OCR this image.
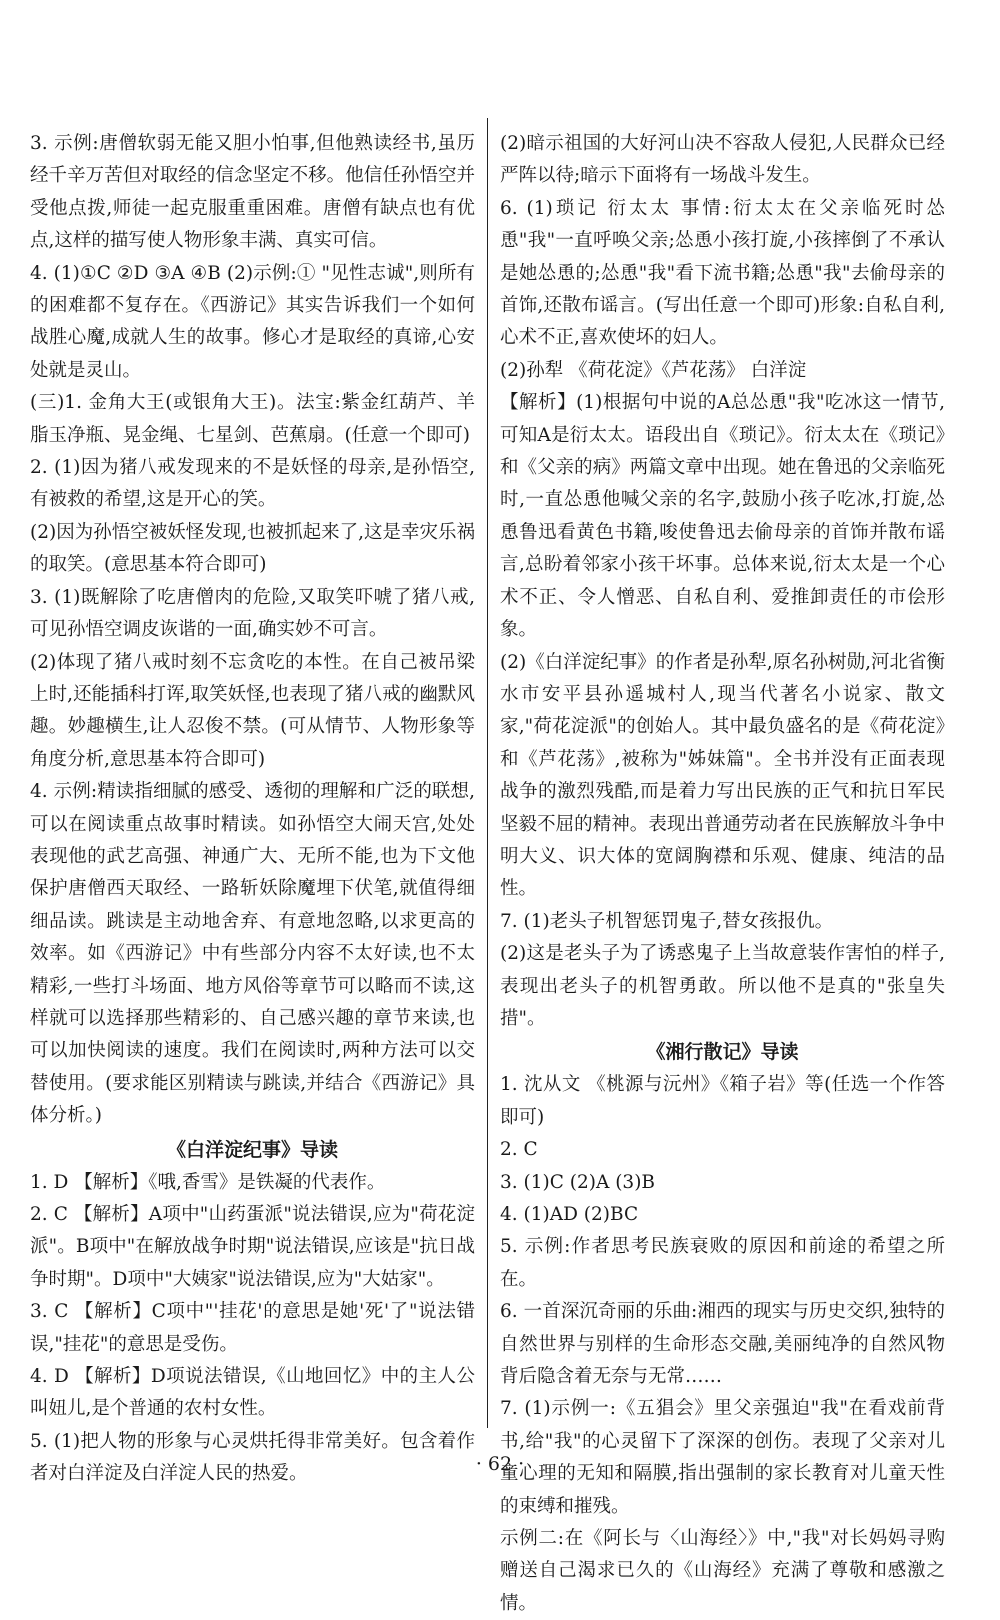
3. 示例:唐僧软弱无能又胆小怕事,但他熟读经书,虽历经千辛万苦但对取经的信念坚定不移。他信任孙悟空并受他点拨,师徒一起克服重重困难。唐僧有缺点也有优点,这样的描写使人物形象丰满、真实可信。

4. (1)①C ②D ③A ④B (2)示例:① "见性志诚",则所有的困难都不复存在。《西游记》其实告诉我们一个如何战胜心魔,成就人生的故事。修心才是取经的真谛,心安处就是灵山。

(三)1. 金角大王(或银角大王)。法宝:紫金红葫芦、羊脂玉净瓶、晃金绳、七星剑、芭蕉扇。(任意一个即可)

2. (1)因为猪八戒发现来的不是妖怪的母亲,是孙悟空,有被救的希望,这是开心的笑。

(2)因为孙悟空被妖怪发现,也被抓起来了,这是幸灾乐祸的取笑。(意思基本符合即可)

3. (1)既解除了吃唐僧肉的危险,又取笑吓唬了猪八戒,可见孙悟空调皮诙谐的一面,确实妙不可言。

(2)体现了猪八戒时刻不忘贪吃的本性。在自己被吊梁上时,还能插科打诨,取笑妖怪,也表现了猪八戒的幽默风趣。妙趣横生,让人忍俊不禁。(可从情节、人物形象等角度分析,意思基本符合即可)

4. 示例:精读指细腻的感受、透彻的理解和广泛的联想,可以在阅读重点故事时精读。如孙悟空大闹天宫,处处表现他的武艺高强、神通广大、无所不能,也为下文他保护唐僧西天取经、一路斩妖除魔埋下伏笔,就值得细细品读。跳读是主动地舍弃、有意地忽略,以求更高的效率。如《西游记》中有些部分内容不太好读,也不太精彩,一些打斗场面、地方风俗等章节可以略而不读,这样就可以选择那些精彩的、自己感兴趣的章节来读,也可以加快阅读的速度。我们在阅读时,两种方法可以交替使用。(要求能区别精读与跳读,并结合《西游记》具体分析。)

《白洋淀纪事》导读

1. D 【解析】《哦,香雪》是铁凝的代表作。

2. C 【解析】A项中"山药蛋派"说法错误,应为"荷花淀派"。B项中"在解放战争时期"说法错误,应该是"抗日战争时期"。D项中"大姨家"说法错误,应为"大姑家"。

3. C 【解析】C项中"'挂花'的意思是她'死'了"说法错误,"挂花"的意思是受伤。

4. D 【解析】D项说法错误,《山地回忆》中的主人公叫妞儿,是个普通的农村女性。

5. (1)把人物的形象与心灵烘托得非常美好。包含着作者对白洋淀及白洋淀人民的热爱。

(2)暗示祖国的大好河山决不容敌人侵犯,人民群众已经严阵以待;暗示下面将有一场战斗发生。

6. (1)琐记 衍太太 事情:衍太太在父亲临死时怂恿"我"一直呼唤父亲;怂恿小孩打旋,小孩摔倒了不承认是她怂恿的;怂恿"我"看下流书籍;怂恿"我"去偷母亲的首饰,还散布谣言。(写出任意一个即可)形象:自私自利,心术不正,喜欢使坏的妇人。

(2)孙犁 《荷花淀》《芦花荡》 白洋淀

【解析】(1)根据句中说的A总怂恿"我"吃冰这一情节,可知A是衍太太。语段出自《琐记》。衍太太在《琐记》和《父亲的病》两篇文章中出现。她在鲁迅的父亲临死时,一直怂恿他喊父亲的名字,鼓励小孩子吃冰,打旋,怂恿鲁迅看黄色书籍,唆使鲁迅去偷母亲的首饰并散布谣言,总盼着邻家小孩干坏事。总体来说,衍太太是一个心术不正、令人憎恶、自私自利、爱推卸责任的市侩形象。

(2)《白洋淀纪事》的作者是孙犁,原名孙树勋,河北省衡水市安平县孙遥城村人,现当代著名小说家、散文家,"荷花淀派"的创始人。其中最负盛名的是《荷花淀》和《芦花荡》,被称为"姊妹篇"。全书并没有正面表现战争的激烈残酷,而是着力写出民族的正气和抗日军民坚毅不屈的精神。表现出普通劳动者在民族解放斗争中明大义、识大体的宽阔胸襟和乐观、健康、纯洁的品性。

7. (1)老头子机智惩罚鬼子,替女孩报仇。

(2)这是老头子为了诱惑鬼子上当故意装作害怕的样子,表现出老头子的机智勇敢。所以他不是真的"张皇失措"。

《湘行散记》导读

1. 沈从文 《桃源与沅州》《箱子岩》等(任选一个作答即可)

2. C

3. (1)C (2)A (3)B

4. (1)AD (2)BC

5. 示例:作者思考民族衰败的原因和前途的希望之所在。

6. 一首深沉奇丽的乐曲:湘西的现实与历史交织,独特的自然世界与别样的生命形态交融,美丽纯净的自然风物背后隐含着无奈与无常……

7. (1)示例一:《五猖会》里父亲强迫"我"在看戏前背书,给"我"的心灵留下了深深的创伤。表现了父亲对儿童心理的无知和隔膜,指出强制的家长教育对儿童天性的束缚和摧残。

示例二:在《阿长与〈山海经〉》中,"我"对长妈妈寻购赠送自己渴求已久的《山海经》充满了尊敬和感激之情。

· 62 ·
